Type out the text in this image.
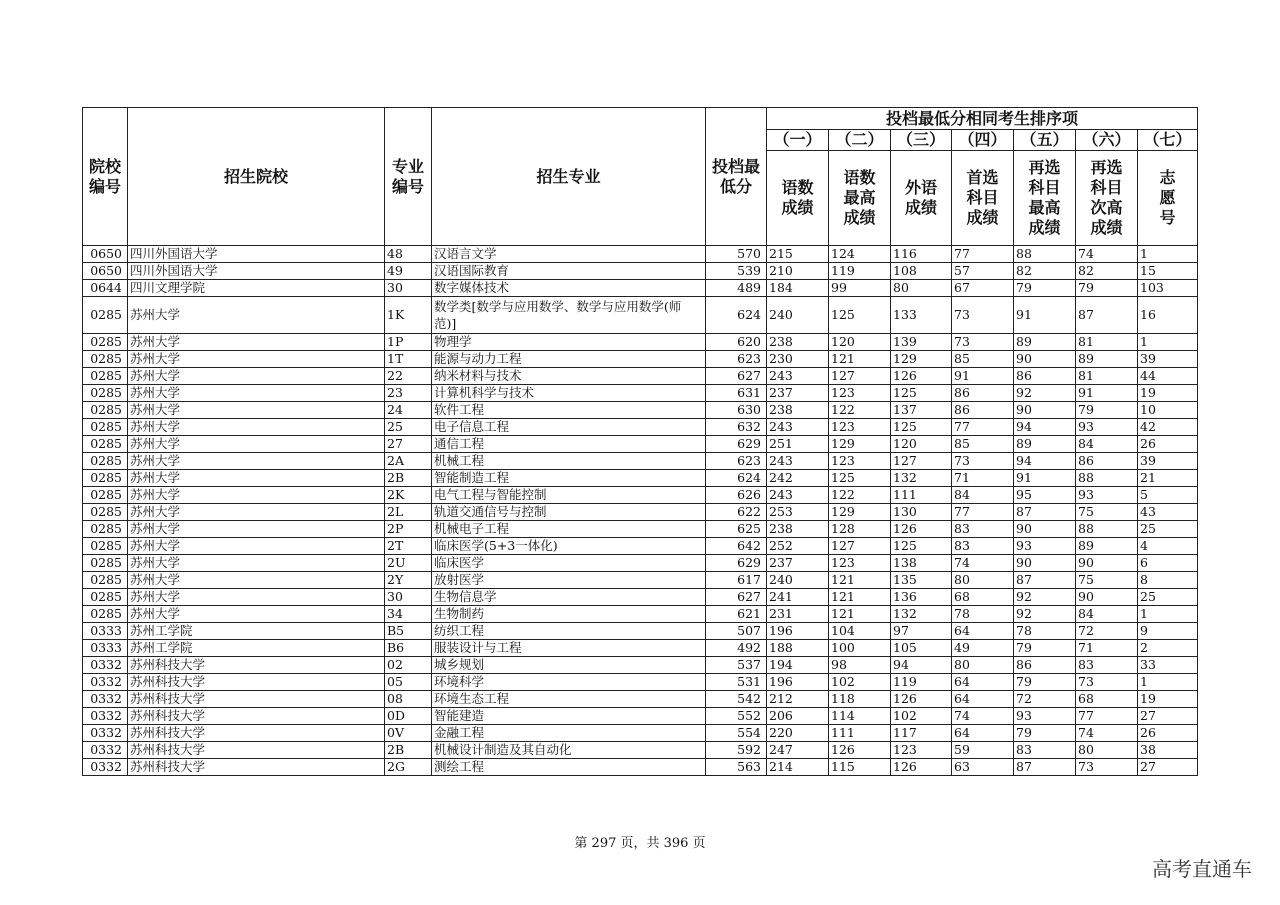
院校编号	招生院校	专业编号	招生专业	投档最低分	投档最低分相同考生排序项						
					（一）	（二）	（三）	（四）	（五）	（六）	（七）
					语数成绩	语数最高成绩	外语成绩	首选科目成绩	再选科目最高成绩	再选科目次高成绩	志愿号
0650	四川外国语大学	48	汉语言文学	570	215	124	116	77	88	74	1
0650	四川外国语大学	49	汉语国际教育	539	210	119	108	57	82	82	15
0644	四川文理学院	30	数字媒体技术	489	184	99	80	67	79	79	103
0285	苏州大学	1K	数学类[数学与应用数学、数学与应用数学(师范)]	624	240	125	133	73	91	87	16
0285	苏州大学	1P	物理学	620	238	120	139	73	89	81	1
0285	苏州大学	1T	能源与动力工程	623	230	121	129	85	90	89	39
0285	苏州大学	22	纳米材料与技术	627	243	127	126	91	86	81	44
0285	苏州大学	23	计算机科学与技术	631	237	123	125	86	92	91	19
0285	苏州大学	24	软件工程	630	238	122	137	86	90	79	10
0285	苏州大学	25	电子信息工程	632	243	123	125	77	94	93	42
0285	苏州大学	27	通信工程	629	251	129	120	85	89	84	26
0285	苏州大学	2A	机械工程	623	243	123	127	73	94	86	39
0285	苏州大学	2B	智能制造工程	624	242	125	132	71	91	88	21
0285	苏州大学	2K	电气工程与智能控制	626	243	122	111	84	95	93	5
0285	苏州大学	2L	轨道交通信号与控制	622	253	129	130	77	87	75	43
0285	苏州大学	2P	机械电子工程	625	238	128	126	83	90	88	25
0285	苏州大学	2T	临床医学(5+3一体化)	642	252	127	125	83	93	89	4
0285	苏州大学	2U	临床医学	629	237	123	138	74	90	90	6
0285	苏州大学	2Y	放射医学	617	240	121	135	80	87	75	8
0285	苏州大学	30	生物信息学	627	241	121	136	68	92	90	25
0285	苏州大学	34	生物制药	621	231	121	132	78	92	84	1
0333	苏州工学院	B5	纺织工程	507	196	104	97	64	78	72	9
0333	苏州工学院	B6	服装设计与工程	492	188	100	105	49	79	71	2
0332	苏州科技大学	02	城乡规划	537	194	98	94	80	86	83	33
0332	苏州科技大学	05	环境科学	531	196	102	119	64	79	73	1
0332	苏州科技大学	08	环境生态工程	542	212	118	126	64	72	68	19
0332	苏州科技大学	0D	智能建造	552	206	114	102	74	93	77	27
0332	苏州科技大学	0V	金融工程	554	220	111	117	64	79	74	26
0332	苏州科技大学	2B	机械设计制造及其自动化	592	247	126	123	59	83	80	38
0332	苏州科技大学	2G	测绘工程	563	214	115	126	63	87	73	27
第 297 页，共 396 页
高考直通车
